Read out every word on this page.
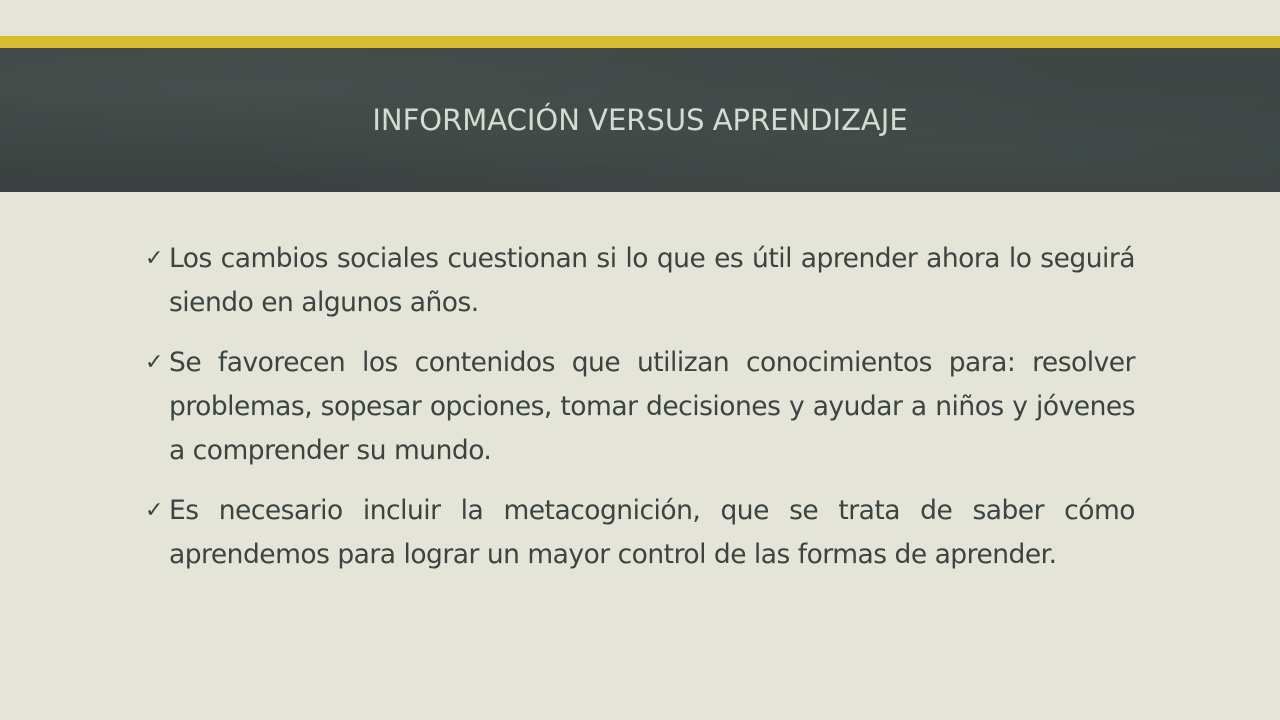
INFORMACIÓN VERSUS APRENDIZAJE
✓ Los cambios sociales cuestionan si lo que es útil aprender ahora lo seguirá siendo en algunos años.
✓ Se favorecen los contenidos que utilizan conocimientos para: resolver problemas, sopesar opciones, tomar decisiones y ayudar a niños y jóvenes a comprender su mundo.
✓ Es necesario incluir la metacognición, que se trata de saber cómo aprendemos para lograr un mayor control de las formas de aprender.
